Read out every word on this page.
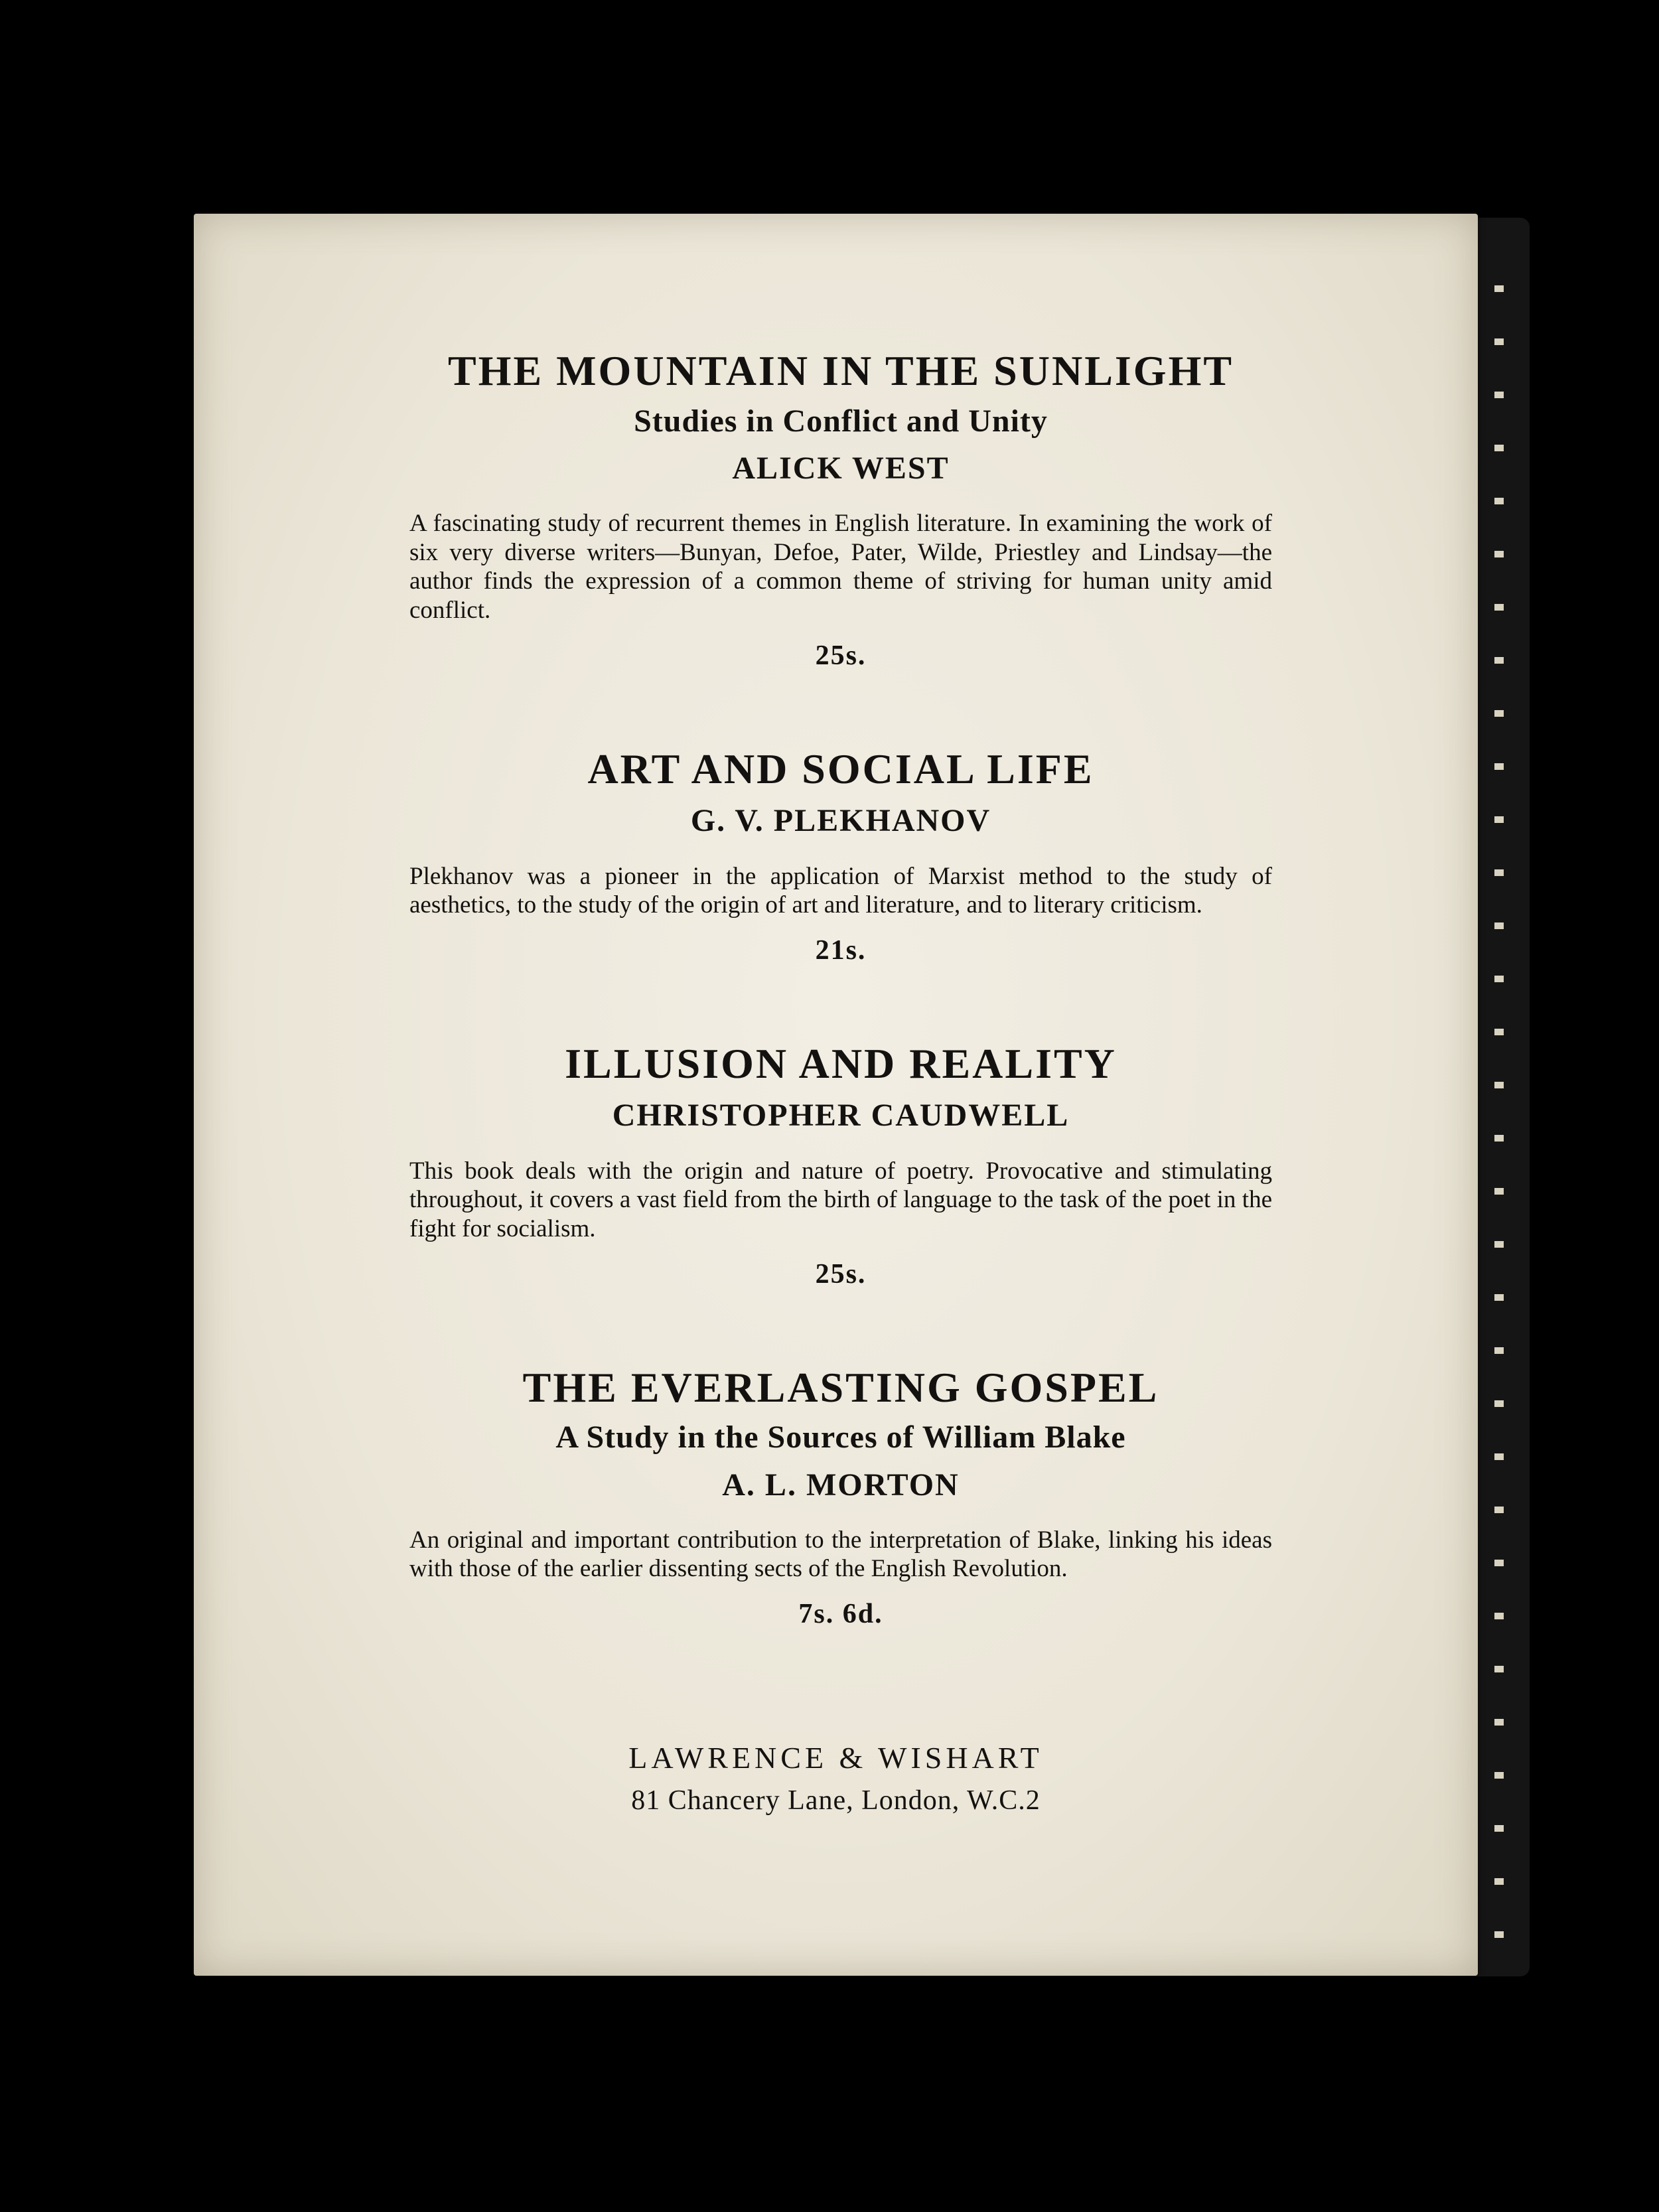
THE MOUNTAIN IN THE SUNLIGHT
Studies in Conflict and Unity
ALICK WEST
A fascinating study of recurrent themes in English literature. In examining the work of six very diverse writers—Bunyan, Defoe, Pater, Wilde, Priestley and Lindsay—the author finds the expression of a common theme of striving for human unity amid conflict.
25s.
ART AND SOCIAL LIFE
G. V. PLEKHANOV
Plekhanov was a pioneer in the application of Marxist method to the study of aesthetics, to the study of the origin of art and literature, and to literary criticism.
21s.
ILLUSION AND REALITY
CHRISTOPHER CAUDWELL
This book deals with the origin and nature of poetry. Provocative and stimulating throughout, it covers a vast field from the birth of language to the task of the poet in the fight for socialism.
25s.
THE EVERLASTING GOSPEL
A Study in the Sources of William Blake
A. L. MORTON
An original and important contribution to the interpretation of Blake, linking his ideas with those of the earlier dissenting sects of the English Revolution.
7s. 6d.
LAWRENCE & WISHART
81 Chancery Lane, London, W.C.2
